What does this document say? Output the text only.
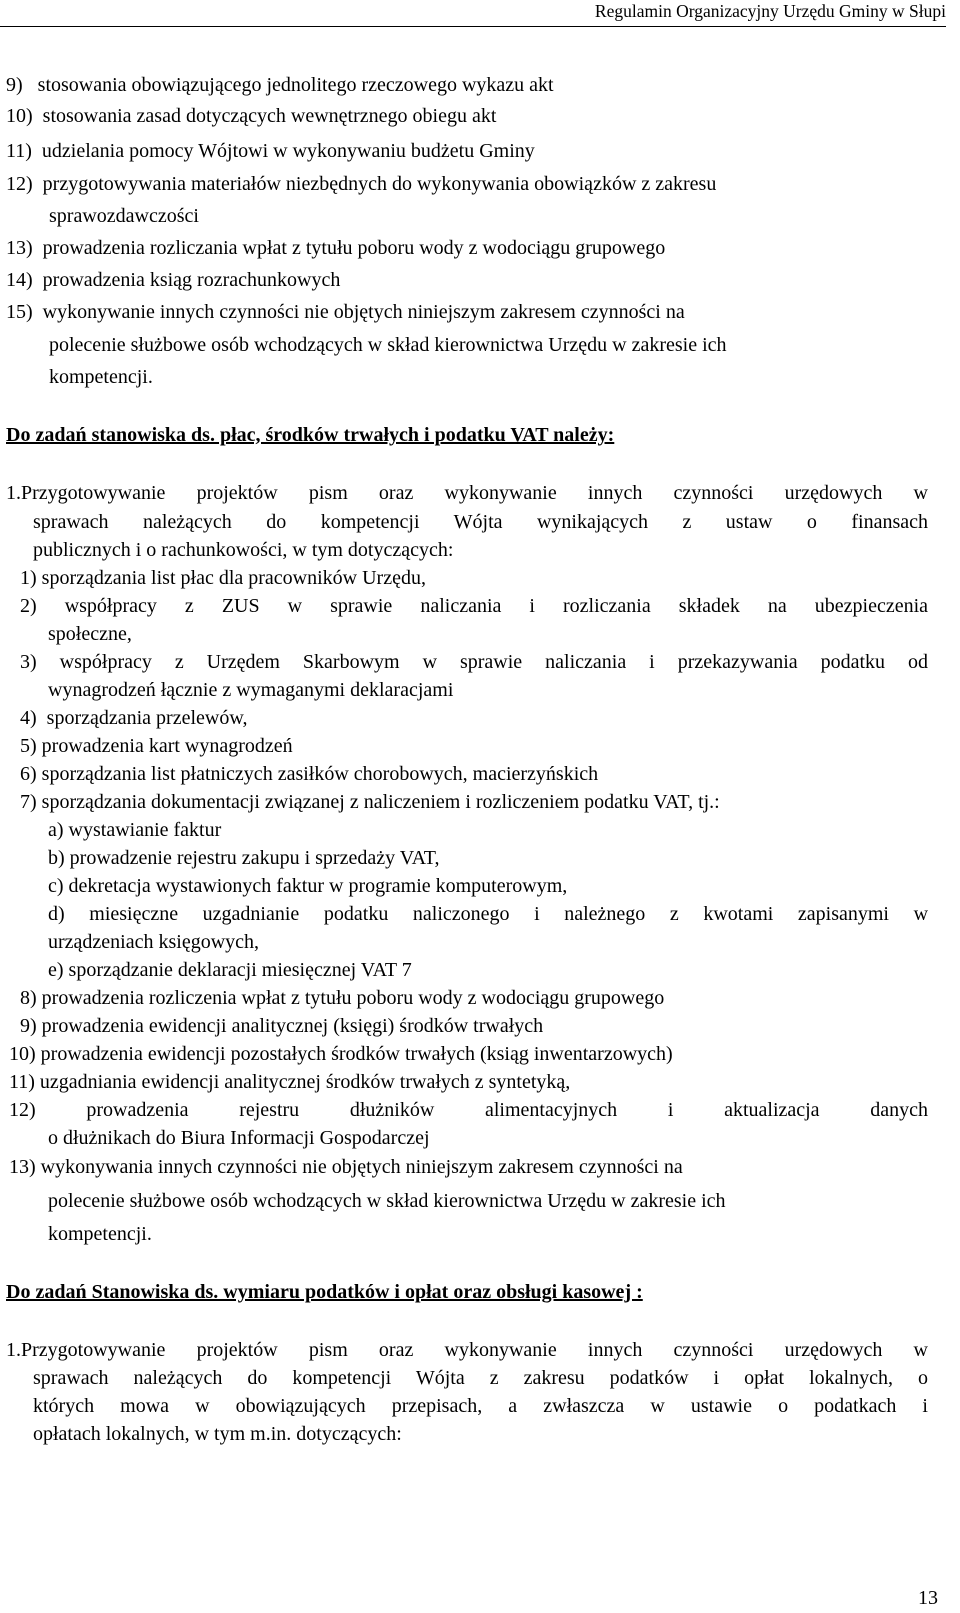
Regulamin Organizacyjny Urzędu Gminy w Słupi
9) stosowania obowiązującego jednolitego rzeczowego wykazu akt
10) stosowania zasad dotyczących wewnętrznego obiegu akt
11) udzielania pomocy Wójtowi w wykonywaniu budżetu Gminy
12) przygotowywania materiałów niezbędnych do wykonywania obowiązków z zakresu
sprawozdawczości
13) prowadzenia rozliczania wpłat z tytułu poboru wody z wodociągu grupowego
14) prowadzenia ksiąg rozrachunkowych
15) wykonywanie innych czynności nie objętych niniejszym zakresem czynności na
polecenie służbowe osób wchodzących w skład kierownictwa Urzędu w zakresie ich
kompetencji.
Do zadań stanowiska ds. płac, środków trwałych i podatku VAT należy:
1.Przygotowywanie projektów pism oraz wykonywanie innych czynności urzędowych w
sprawach należących do kompetencji Wójta wynikających z ustaw o finansach
publicznych i o rachunkowości, w tym dotyczących:
1) sporządzania list płac dla pracowników Urzędu,
2) współpracy z ZUS w sprawie naliczania i rozliczania składek na ubezpieczenia
społeczne,
3) współpracy z Urzędem Skarbowym w sprawie naliczania i przekazywania podatku od
wynagrodzeń łącznie z wymaganymi deklaracjami
4) sporządzania przelewów,
5) prowadzenia kart wynagrodzeń
6) sporządzania list płatniczych zasiłków chorobowych, macierzyńskich
7) sporządzania dokumentacji związanej z naliczeniem i rozliczeniem podatku VAT, tj.:
a) wystawianie faktur
b) prowadzenie rejestru zakupu i sprzedaży VAT,
c) dekretacja wystawionych faktur w programie komputerowym,
d) miesięczne uzgadnianie podatku naliczonego i należnego z kwotami zapisanymi w
urządzeniach księgowych,
e) sporządzanie deklaracji miesięcznej VAT 7
8) prowadzenia rozliczenia wpłat z tytułu poboru wody z wodociągu grupowego
9) prowadzenia ewidencji analitycznej (księgi) środków trwałych
10) prowadzenia ewidencji pozostałych środków trwałych (ksiąg inwentarzowych)
11) uzgadniania ewidencji analitycznej środków trwałych z syntetyką,
12)	prowadzenia rejestru dłużników alimentacyjnych i aktualizacja danych
o dłużnikach do Biura Informacji Gospodarczej
13) wykonywania innych czynności nie objętych niniejszym zakresem czynności na
polecenie służbowe osób wchodzących w skład kierownictwa Urzędu w zakresie ich
kompetencji.
Do zadań Stanowiska ds. wymiaru podatków i opłat oraz obsługi kasowej :
1.Przygotowywanie projektów pism oraz wykonywanie innych czynności urzędowych w
sprawach należących do kompetencji Wójta z zakresu podatków i opłat lokalnych, o
których mowa w obowiązujących przepisach, a zwłaszcza w ustawie o podatkach i
opłatach lokalnych, w tym m.in. dotyczących:
13
